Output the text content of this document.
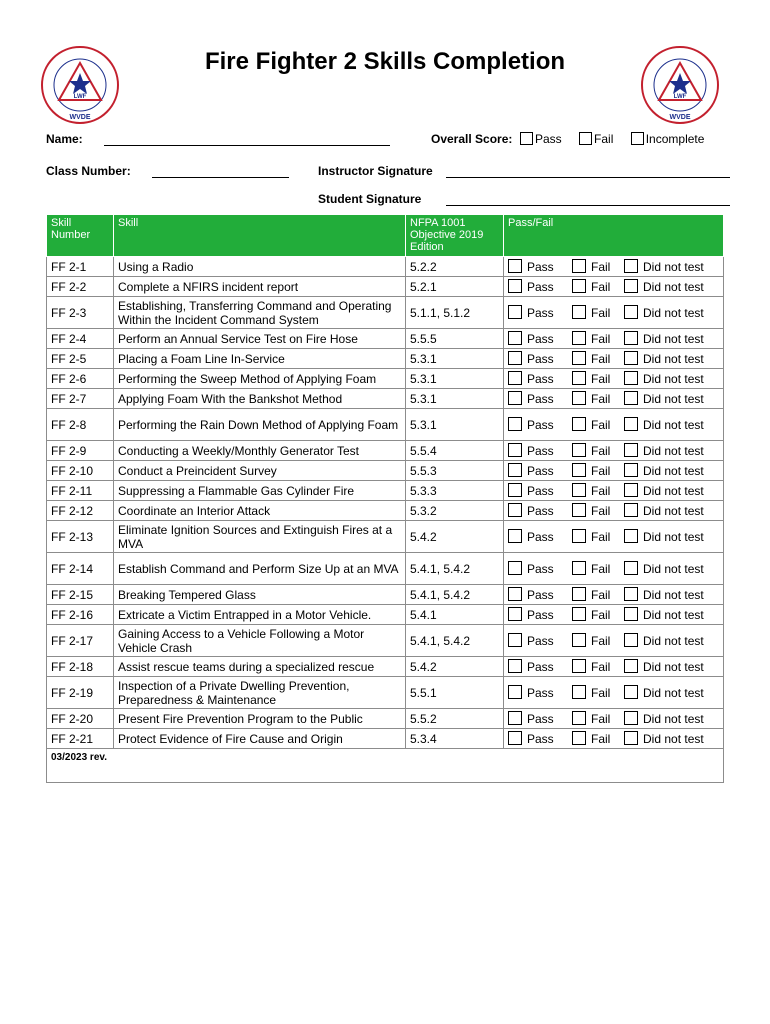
LWF
WVDE
LWF
WVDE
Fire Fighter 2 Skills Completion
Name:	Overall Score:	Pass	Fail	Incomplete
Class Number:	Instructor Signature
Student Signature
Skill Number	Skill	NFPA 1001 Objective 2019 Edition	Pass/Fail
FF 2-1	Using a Radio	5.2.2	Pass Fail Did not test
FF 2-2	Complete a NFIRS incident report	5.2.1	Pass Fail Did not test
FF 2-3	Establishing, Transferring Command and Operating Within the Incident Command System	5.1.1, 5.1.2	Pass Fail Did not test
FF 2-4	Perform an Annual Service Test on Fire Hose	5.5.5	Pass Fail Did not test
FF 2-5	Placing a Foam Line In-Service	5.3.1	Pass Fail Did not test
FF 2-6	Performing the Sweep Method of Applying Foam	5.3.1	Pass Fail Did not test
FF 2-7	Applying Foam With the Bankshot Method	5.3.1	Pass Fail Did not test
FF 2-8	Performing the Rain Down Method of Applying Foam	5.3.1	Pass Fail Did not test
FF 2-9	Conducting a Weekly/Monthly Generator Test	5.5.4	Pass Fail Did not test
FF 2-10	Conduct a Preincident Survey	5.5.3	Pass Fail Did not test
FF 2-11	Suppressing a Flammable Gas Cylinder Fire	5.3.3	Pass Fail Did not test
FF 2-12	Coordinate an Interior Attack	5.3.2	Pass Fail Did not test
FF 2-13	Eliminate Ignition Sources and Extinguish Fires at a MVA	5.4.2	Pass Fail Did not test
FF 2-14	Establish Command and Perform Size Up at an MVA	5.4.1, 5.4.2	Pass Fail Did not test
FF 2-15	Breaking Tempered Glass	5.4.1, 5.4.2	Pass Fail Did not test
FF 2-16	Extricate a Victim Entrapped in a Motor Vehicle.	5.4.1	Pass Fail Did not test
FF 2-17	Gaining Access to a Vehicle Following a Motor Vehicle Crash	5.4.1, 5.4.2	Pass Fail Did not test
FF 2-18	Assist rescue teams during a specialized rescue	5.4.2	Pass Fail Did not test
FF 2-19	Inspection of a Private Dwelling Prevention, Preparedness & Maintenance	5.5.1	Pass Fail Did not test
FF 2-20	Present Fire Prevention Program to the Public	5.5.2	Pass Fail Did not test
FF 2-21	Protect Evidence of Fire Cause and Origin	5.3.4	Pass Fail Did not test
03/2023 rev.			
